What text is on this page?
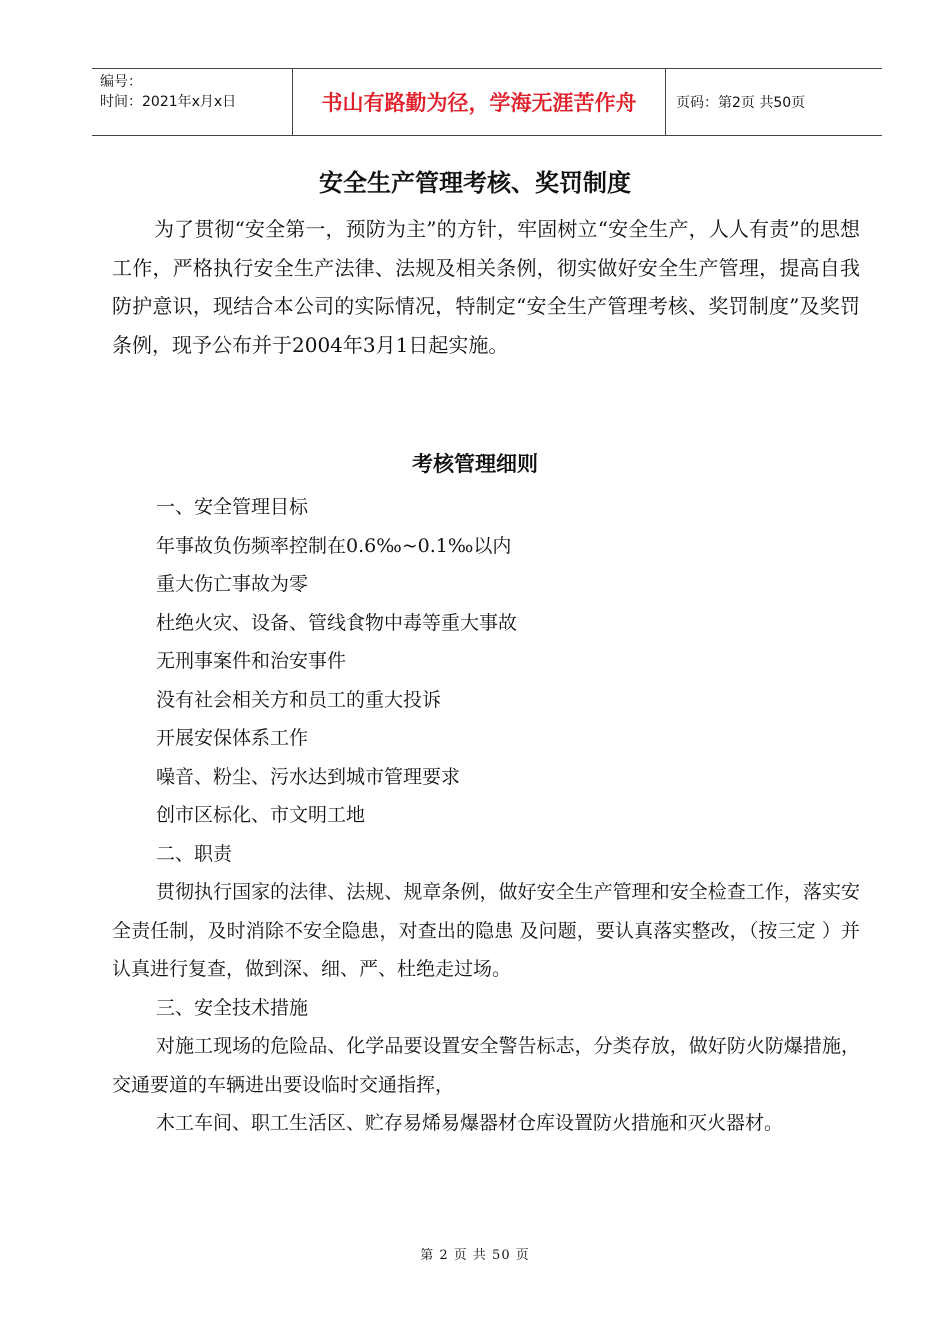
编号：
时间：2021年x月x日	书山有路勤为径，学海无涯苦作舟	页码：第2页 共50页
安全生产管理考核、奖罚制度

为了贯彻“安全第一，预防为主”的方针，牢固树立“安全生产，人人有责”的思想工作，严格执行安全生产法律、法规及相关条例，彻实做好安全生产管理，提高自我防护意识，现结合本公司的实际情况，特制定“安全生产管理考核、奖罚制度”及奖罚条例，现予公布并于2004年3月1日起实施。

考核管理细则

一、安全管理目标

年事故负伤频率控制在0.6‰~0.1‰以内

重大伤亡事故为零

杜绝火灾、设备、管线食物中毒等重大事故

无刑事案件和治安事件

没有社会相关方和员工的重大投诉

开展安保体系工作

噪音、粉尘、污水达到城市管理要求

创市区标化、市文明工地

二、职责

贯彻执行国家的法律、法规、规章条例，做好安全生产管理和安全检查工作，落实安全责任制，及时消除不安全隐患，对查出的隐患 及问题，要认真落实整改，（按三定 ）并认真进行复查，做到深、细、严、杜绝走过场。

三、安全技术措施

对施工现场的危险品、化学品要设置安全警告标志，分类存放，做好防火防爆措施，交通要道的车辆进出要设临时交通指挥，

木工车间、职工生活区、贮存易烯易爆器材仓库设置防火措施和灭火器材。

第 2 页 共 50 页
